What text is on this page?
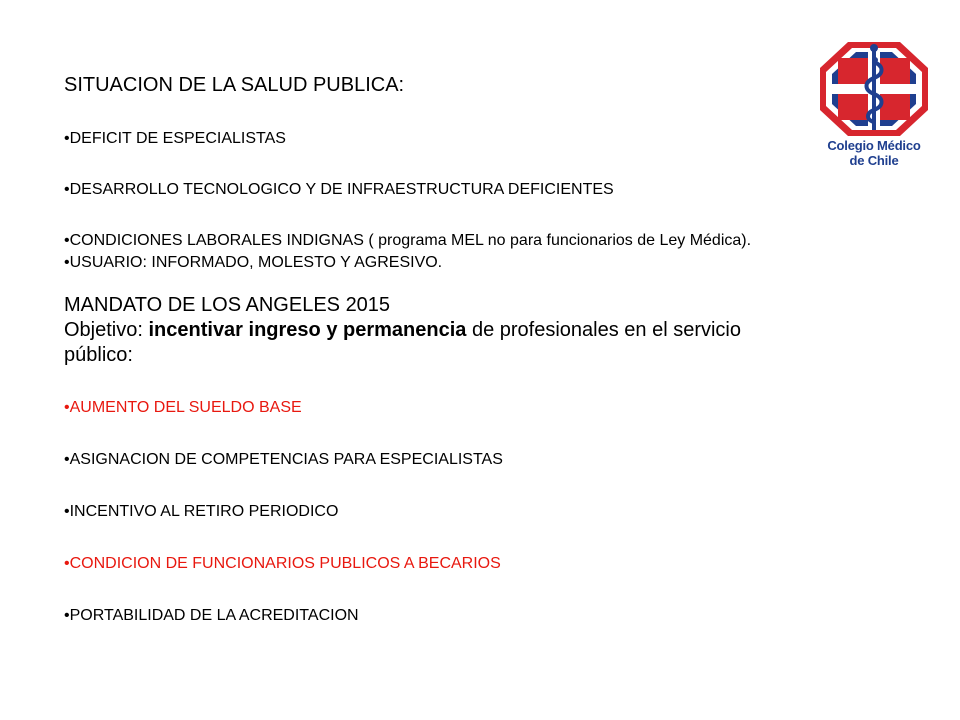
SITUACION DE LA SALUD PUBLICA:

•DEFICIT DE ESPECIALISTAS

•DESARROLLO TECNOLOGICO Y DE INFRAESTRUCTURA DEFICIENTES

•CONDICIONES LABORALES INDIGNAS ( programa MEL no para funcionarios de Ley Médica).

•USUARIO: INFORMADO, MOLESTO Y AGRESIVO.

MANDATO DE LOS ANGELES 2015

Objetivo: incentivar ingreso y permanencia de profesionales en el servicio público:

•AUMENTO DEL SUELDO BASE

•ASIGNACION DE COMPETENCIAS PARA ESPECIALISTAS

•INCENTIVO AL RETIRO PERIODICO

•CONDICION DE FUNCIONARIOS PUBLICOS A BECARIOS

•PORTABILIDAD DE LA ACREDITACION

Colegio Médico
de Chile
